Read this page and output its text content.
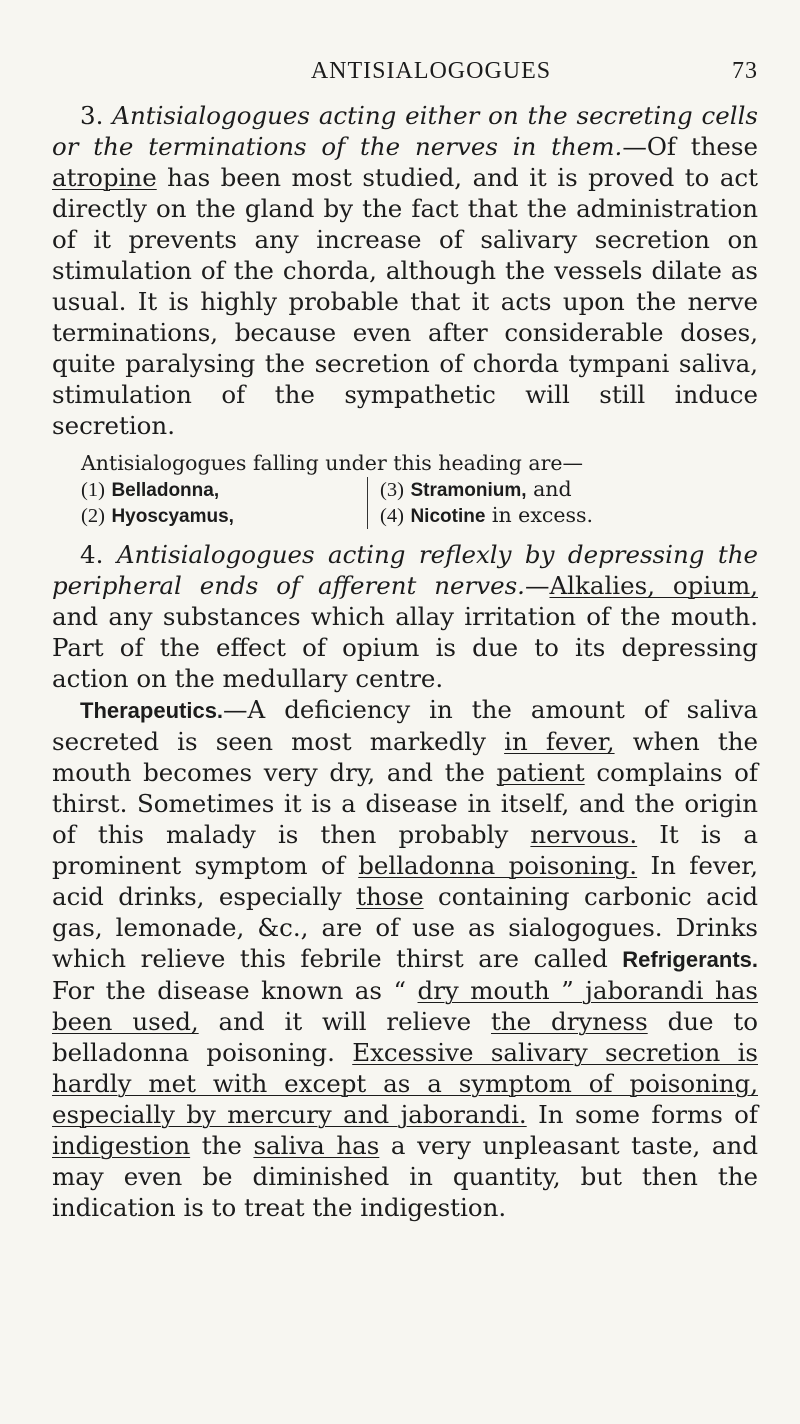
ANTISIALOGOGUES	73

3. Antisialogogues acting either on the secreting cells or the terminations of the nerves in them.—Of these atropine has been most studied, and it is proved to act directly on the gland by the fact that the administration of it prevents any increase of salivary secretion on stimulation of the chorda, although the vessels dilate as usual. It is highly probable that it acts upon the nerve terminations, because even after considerable doses, quite paralysing the secretion of chorda tympani saliva, stimulation of the sympathetic will still induce secretion.

Antisialogogues falling under this heading are—
(1) Belladonna,
(2) Hyoscyamus,
(3) Stramonium, and
(4) Nicotine in excess.

4. Antisialogogues acting reflexly by depressing the peripheral ends of afferent nerves.—Alkalies, opium, and any substances which allay irritation of the mouth. Part of the effect of opium is due to its depressing action on the medullary centre.

Therapeutics.—A deficiency in the amount of saliva secreted is seen most markedly in fever, when the mouth becomes very dry, and the patient complains of thirst. Sometimes it is a disease in itself, and the origin of this malady is then probably nervous. It is a prominent symptom of belladonna poisoning. In fever, acid drinks, especially those containing carbonic acid gas, lemonade, &c., are of use as sialogogues. Drinks which relieve this febrile thirst are called Refrigerants. For the disease known as “ dry mouth ” jaborandi has been used, and it will relieve the dryness due to belladonna poisoning. Excessive salivary secretion is hardly met with except as a symptom of poisoning, especially by mercury and jaborandi. In some forms of indigestion the saliva has a very unpleasant taste, and may even be diminished in quantity, but then the indication is to treat the indigestion.
